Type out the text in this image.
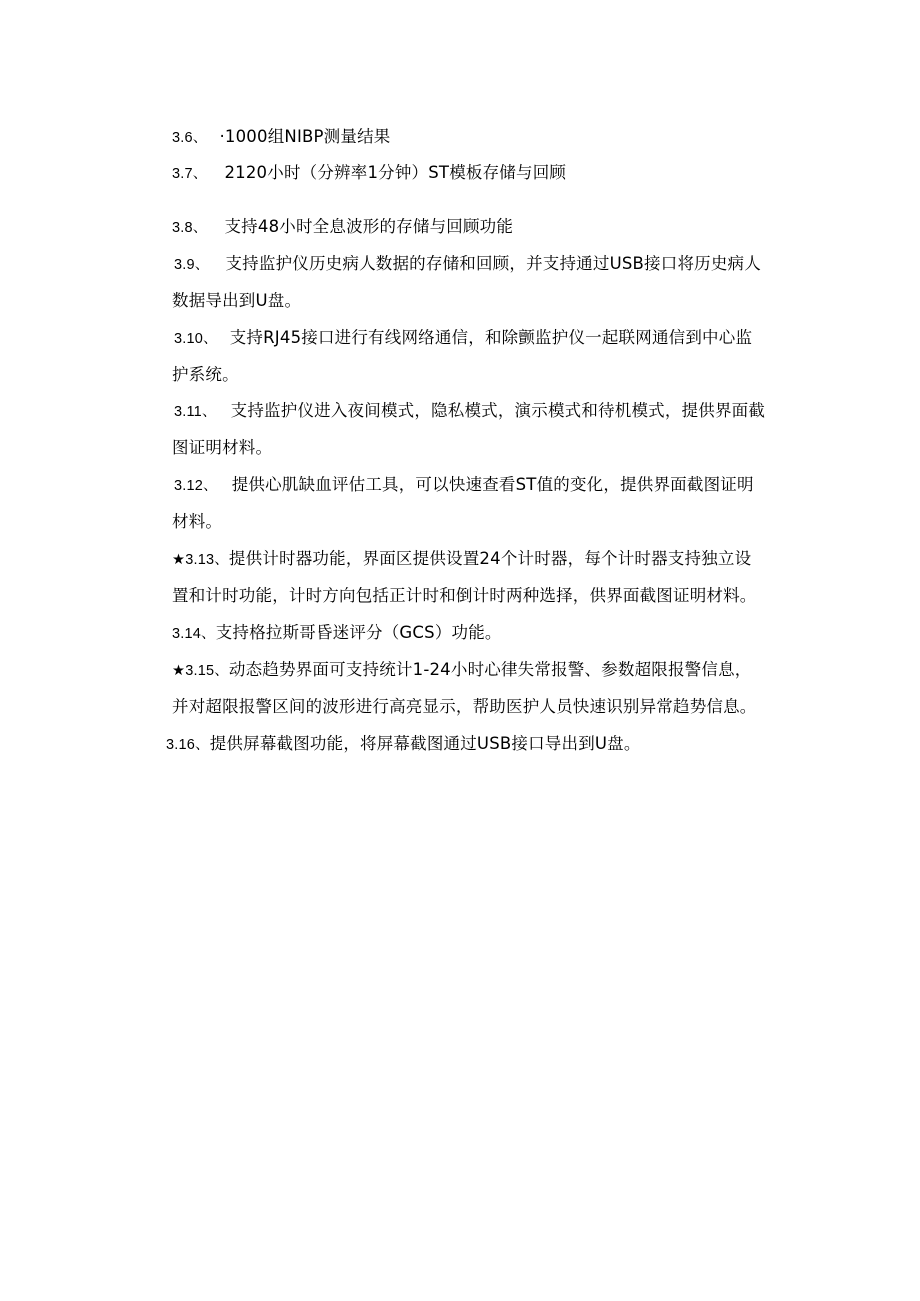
3.6、 ·1000组NIBP测量结果
3.7、 2120小时（分辨率1分钟）ST模板存储与回顾
3.8、 支持48小时全息波形的存储与回顾功能
3.9、 支持监护仪历史病人数据的存储和回顾，并支持通过USB接口将历史病人
数据导出到U盘。
3.10、 支持RJ45接口进行有线网络通信，和除颤监护仪一起联网通信到中心监
护系统。
3.11、 支持监护仪进入夜间模式，隐私模式，演示模式和待机模式，提供界面截
图证明材料。
3.12、 提供心肌缺血评估工具，可以快速查看ST值的变化，提供界面截图证明
材料。
★3.13、提供计时器功能，界面区提供设置24个计时器，每个计时器支持独立设
置和计时功能，计时方向包括正计时和倒计时两种选择，供界面截图证明材料。
3.14、支持格拉斯哥昏迷评分（GCS）功能。
★3.15、动态趋势界面可支持统计1-24小时心律失常报警、参数超限报警信息，
并对超限报警区间的波形进行高亮显示，帮助医护人员快速识别异常趋势信息。
3.16、提供屏幕截图功能，将屏幕截图通过USB接口导出到U盘。
